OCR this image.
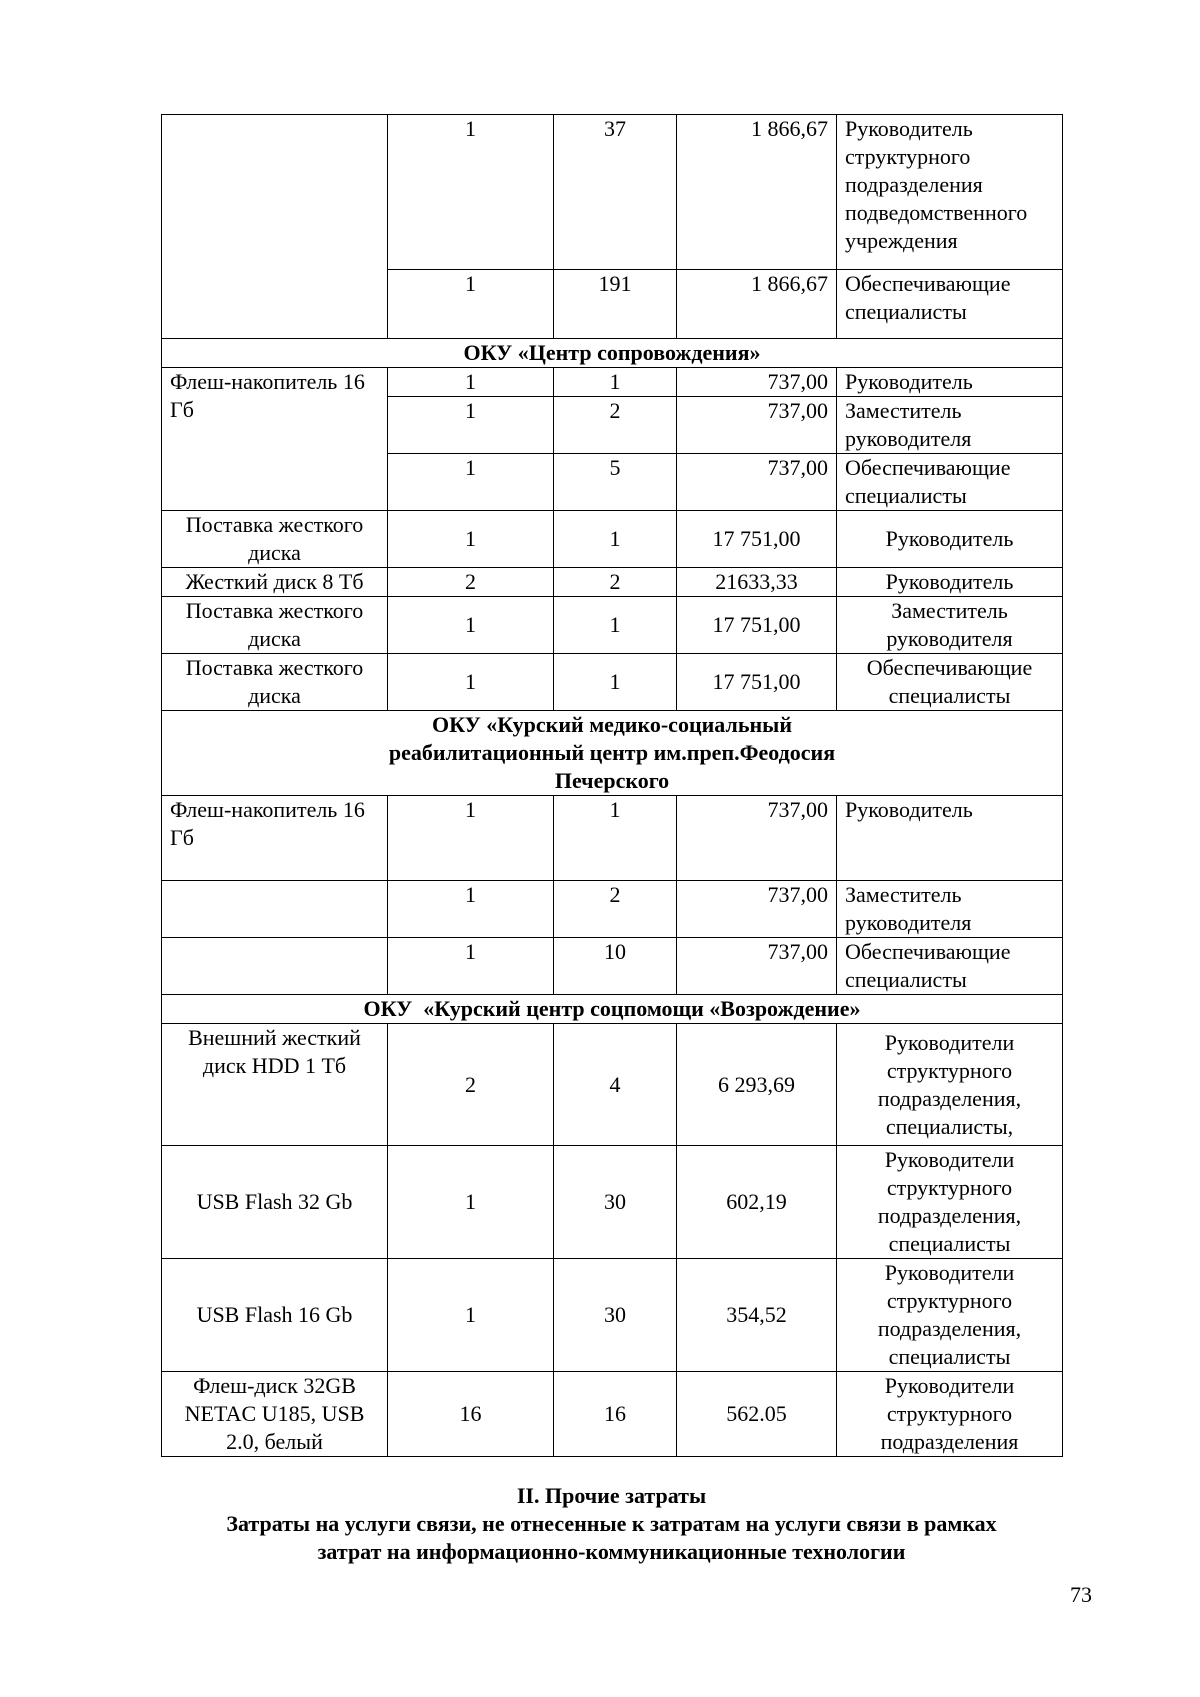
	1	37	1 866,67	Руководитель структурного подразделения подведомственного учреждения
	1	191	1 866,67	Обеспечивающие специалисты
ОКУ «Центр сопровождения»				
Флеш-накопитель 16 Гб	1	1	737,00	Руководитель
	1	2	737,00	Заместитель руководителя
	1	5	737,00	Обеспечивающие специалисты
Поставка жесткого диска	1	1	17 751,00	Руководитель
Жесткий диск 8 Тб	2	2	21633,33	Руководитель
Поставка жесткого диска	1	1	17 751,00	Заместитель руководителя
Поставка жесткого диска	1	1	17 751,00	Обеспечивающие специалисты
ОКУ «Курский медико-социальный реабилитационный центр им.преп.Феодосия Печерского				
Флеш-накопитель 16 Гб	1	1	737,00	Руководитель
	1	2	737,00	Заместитель руководителя
	1	10	737,00	Обеспечивающие специалисты
ОКУ  «Курский центр соцпомощи «Возрождение»				
Внешний жесткий диск HDD 1 Тб	2	4	6 293,69	Руководители структурного подразделения, специалисты,
USB Flash 32 Gb	1	30	602,19	Руководители структурного подразделения, специалисты
USB Flash 16 Gb	1	30	354,52	Руководители структурного подразделения, специалисты
Флеш-диск 32GB NETAC U185, USB 2.0, белый	16	16	562.05	Руководители структурного подразделения
II. Прочие затраты
Затраты на услуги связи, не отнесенные к затратам на услуги связи в рамках затрат на информационно-коммуникационные технологии
73
